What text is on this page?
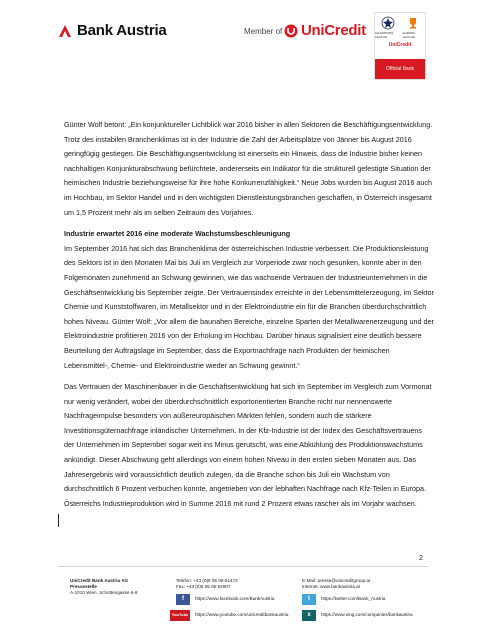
Bank Austria	Member of UniCredit	CHAMPIONS LEAGUE
EUROPA LEAGUE
UniCredit
Official Bank

Günter Wolf betont: „Ein konjunktureller Lichtblick war 2016 bisher in allen Sektoren die Beschäftigungsentwicklung. Trotz des instabilen Branchenklimas ist in der Industrie die Zahl der Arbeitsplätze von Jänner bis August 2016 geringfügig gestiegen. Die Beschäftigungsentwicklung ist einerseits ein Hinweis, dass die Industrie bisher keinen nachhaltigen Konjunkturabschwung befürchtete, andererseits ein Indikator für die strukturell gefestigte Situation der heimischen Industrie beziehungsweise für ihre hohe Konkurrenzfähigkeit.“ Neue Jobs wurden bis August 2016 auch im Hochbau, im Sektor Handel und in den wichtigsten Dienstleistungsbranchen geschaffen, in Österreich insgesamt um 1,5 Prozent mehr als im selben Zeitraum des Vorjahres.

Industrie erwartet 2016 eine moderate Wachstumsbeschleunigung

Im September 2016 hat sich das Branchenklima der österreichischen Industrie verbessert. Die Produktionsleistung des Sektors ist in den Monaten Mai bis Juli im Vergleich zur Vorperiode zwar noch gesunken, konnte aber in den Folgemonaten zunehmend an Schwung gewinnen, wie das wachsende Vertrauen der Industrieunternehmen in die Geschäftsentwicklung bis September zeigte. Der Vertrauensindex erreichte in der Lebensmittelerzeugung, im Sektor Chemie und Kunststoffwaren, im Metallsektor und in der Elektroindustrie ein für die Branchen überdurchschnittlich hohes Niveau. Günter Wolf: „Vor allem die baunahen Bereiche, einzelne Sparten der Metallwarenerzeugung und der Elektroindustrie profitieren 2016 von der Erholung im Hochbau. Darüber hinaus signalisiert eine deutlich bessere Beurteilung der Auftragslage im September, dass die Exportnachfrage nach Produkten der heimischen Lebensmittel-, Chemie- und Elektroindustrie wieder an Schwung gewinnt.“

Das Vertrauen der Maschinenbauer in die Geschäftsentwicklung hat sich im September im Vergleich zum Vormonat nur wenig verändert, wobei der überdurchschnittlich exportorientierten Branche nicht nur nennenswerte Nachfrageimpulse besonders von außereuropäischen Märkten fehlen, sondern auch die stärkere Investitionsgüternachfrage inländischer Unternehmen. In der Kfz-Industrie ist der Index des Geschäftsvertrauens der Unternehmen im September sogar weit ins Minus gerutscht, was eine Abkühlung des Produktionswachstums ankündigt. Dieser Abschwung geht allerdings von einem hohen Niveau in den ersten sieben Monaten aus. Das Jahresergebnis wird voraussichtlich deutlich zulegen, da die Branche schon bis Juli ein Wachstum von durchschnittlich 6 Prozent verbuchen konnte, angetrieben von der lebhaften Nachfrage nach Kfz-Teilen in Europa. Österreichs Industrieproduktion wird in Summe 2016 mit rund 2 Prozent etwas rascher als im Vorjahr wachsen.

2
UniCredit Bank Austria AG
Pressestelle
A-1010 Wien, Schottengasse 6-8
Telefon: +43 (0)5 05 05-51472
Fax: +43 (0)5 05 05-52807
E-Mail: presse@unicreditgroup.at
Internet: www.bankaustria.at
f	https://www.facebook.com/BankAustria	t	https://twitter.com/Bank_Austria
YouTube	https://www.youtube.com/unicreditbankaustria	x	https://www.xing.com/companies/bankaustria
